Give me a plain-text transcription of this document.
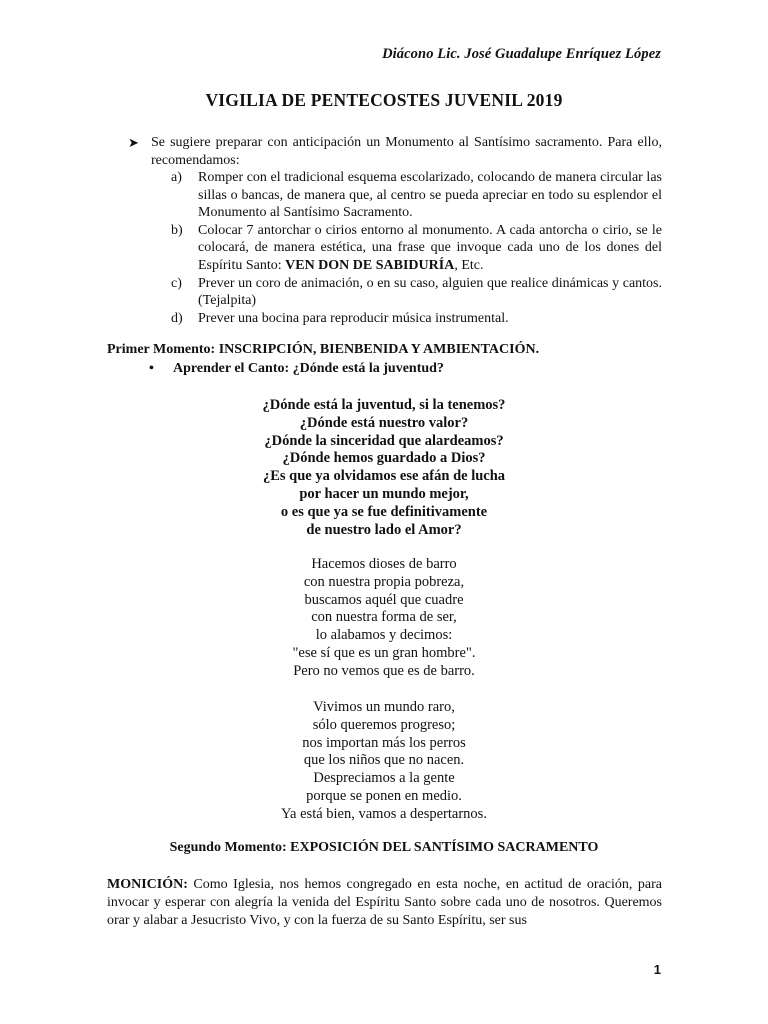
Diácono Lic. José Guadalupe Enríquez López
VIGILIA DE PENTECOSTES JUVENIL 2019
➤ Se sugiere preparar con anticipación un Monumento al Santísimo sacramento. Para ello, recomendamos:
a) Romper con el tradicional esquema escolarizado, colocando de manera circular las sillas o bancas, de manera que, al centro se pueda apreciar en todo su esplendor el Monumento al Santísimo Sacramento.
b) Colocar 7 antorchar o cirios entorno al monumento. A cada antorcha o cirio, se le colocará, de manera estética, una frase que invoque cada uno de los dones del Espíritu Santo: VEN DON DE SABIDURÍA, Etc.
c) Prever un coro de animación, o en su caso, alguien que realice dinámicas y cantos. (Tejalpita)
d) Prever una bocina para reproducir música instrumental.
Primer Momento: INSCRIPCIÓN, BIENBENIDA Y AMBIENTACIÓN.
• Aprender el Canto: ¿Dónde está la juventud?
¿Dónde está la juventud, si la tenemos?
¿Dónde está nuestro valor?
¿Dónde la sinceridad que alardeamos?
¿Dónde hemos guardado a Dios?
¿Es que ya olvidamos ese afán de lucha
por hacer un mundo mejor,
o es que ya se fue definitivamente
de nuestro lado el Amor?
Hacemos dioses de barro
con nuestra propia pobreza,
buscamos aquél que cuadre
con nuestra forma de ser,
lo alabamos y decimos:
"ese sí que es un gran hombre".
Pero no vemos que es de barro.
Vivimos un mundo raro,
sólo queremos progreso;
nos importan más los perros
que los niños que no nacen.
Despreciamos a la gente
porque se ponen en medio.
Ya está bien, vamos a despertarnos.
Segundo Momento: EXPOSICIÓN DEL SANTÍSIMO SACRAMENTO
MONICIÓN: Como Iglesia, nos hemos congregado en esta noche, en actitud de oración, para invocar y esperar con alegría la venida del Espíritu Santo sobre cada uno de nosotros. Queremos orar y alabar a Jesucristo Vivo, y con la fuerza de su Santo Espíritu, ser sus
1
